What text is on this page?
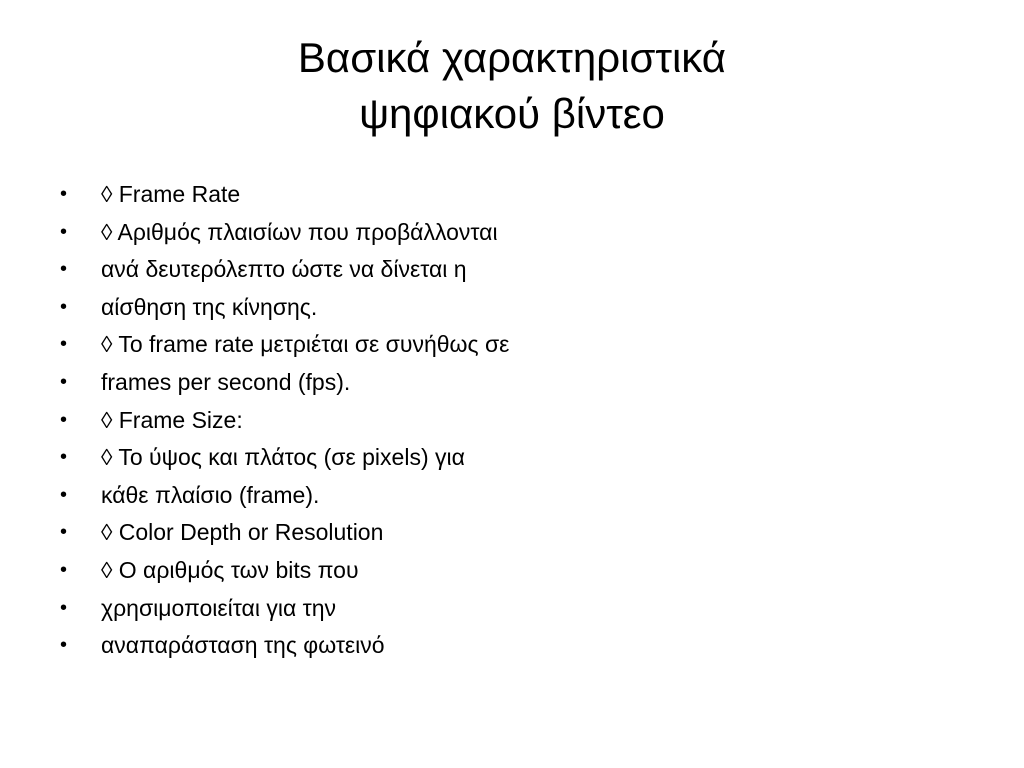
Βασικά χαρακτηριστικά
ψηφιακού βίντεο
•	◊ Frame Rate
•	◊ Αριθμός πλαισίων που προβάλλονται
•	ανά δευτερόλεπτο ώστε να δίνεται η
•	αίσθηση της κίνησης.
•	◊ Το frame rate μετριέται σε συνήθως σε
•	frames per second (fps).
•	◊ Frame Size:
•	◊ Το ύψος και πλάτος (σε pixels) για
•	κάθε πλαίσιο (frame).
•	◊ Color Depth or Resolution
•	◊ Ο αριθμός των bits που
•	χρησιμοποιείται για την
•	αναπαράσταση της φωτεινό
